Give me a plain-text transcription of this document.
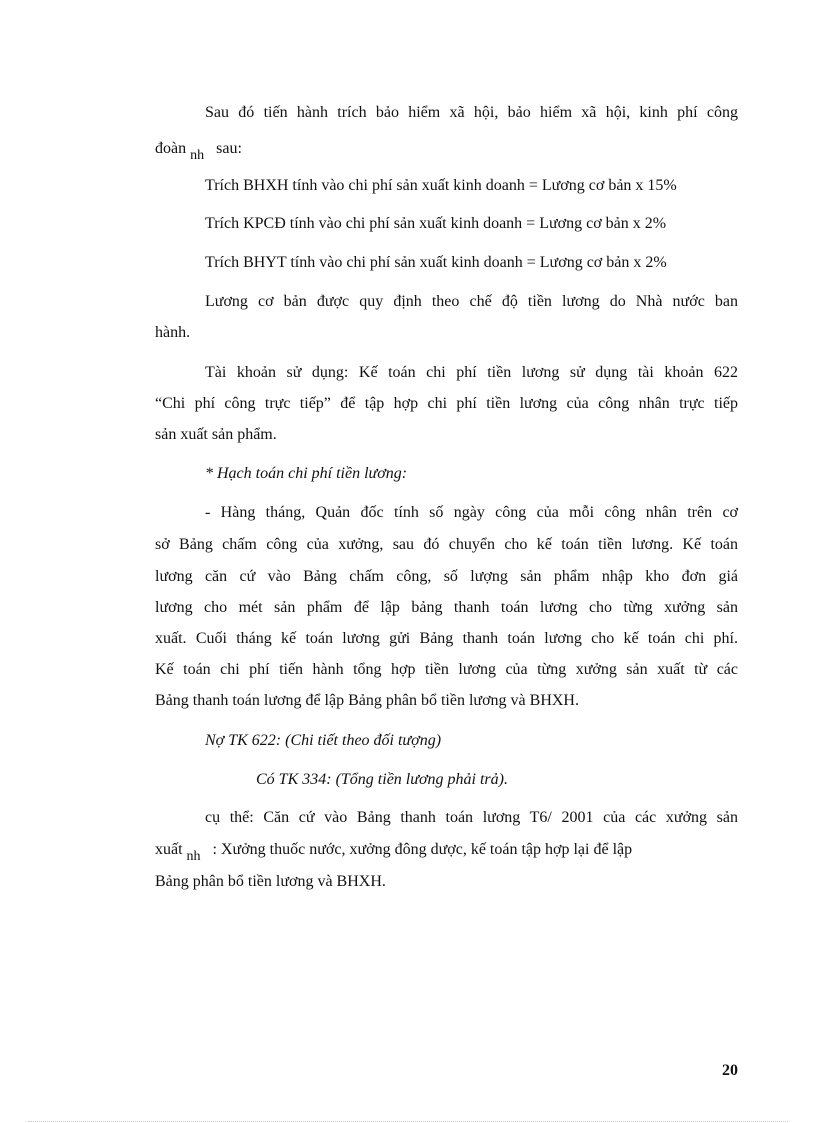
Sau đó tiến hành trích bảo hiểm xã hội, bảo hiểm xã hội, kinh phí công
đoàn nh sau:
Trích BHXH tính vào chi phí sản xuất kinh doanh = Lương cơ bản x 15%
Trích KPCĐ tính vào chi phí sản xuất kinh doanh = Lương cơ bản x 2%
Trích BHYT tính vào chi phí sản xuất kinh doanh = Lương cơ bản x 2%
Lương cơ bản được quy định theo chế độ tiền lương do Nhà nước ban
hành.
Tài khoản sử dụng: Kế toán chi phí tiền lương sử dụng tài khoản 622
“Chi phí công trực tiếp” để tập hợp chi phí tiền lương của công nhân trực tiếp
sản xuất sản phẩm.
* Hạch toán chi phí tiền lương:
- Hàng tháng, Quản đốc tính số ngày công của mỗi công nhân trên cơ
sở Bảng chấm công của xưởng, sau đó chuyển cho kế toán tiền lương. Kế toán
lương căn cứ vào Bảng chấm công, số lượng sản phẩm nhập kho đơn giá
lương cho mét sản phẩm để lập bảng thanh toán lương cho từng xưởng sản
xuất. Cuối tháng kế toán lương gửi Bảng thanh toán lương cho kế toán chi phí.
Kế toán chi phí tiến hành tổng hợp tiền lương của từng xưởng sản xuất từ các
Bảng thanh toán lương để lập Bảng phân bổ tiền lương và BHXH.
Nợ TK 622: (Chi tiết theo đối tượng)
Có TK 334: (Tổng tiền lương phải trả).
cụ thể: Căn cứ vào Bảng thanh toán lương T6/ 2001 của các xưởng sản
xuất nh : Xưởng thuốc nước, xưởng đông dược, kế toán tập hợp lại để lập
Bảng phân bổ tiền lương và BHXH.
20
